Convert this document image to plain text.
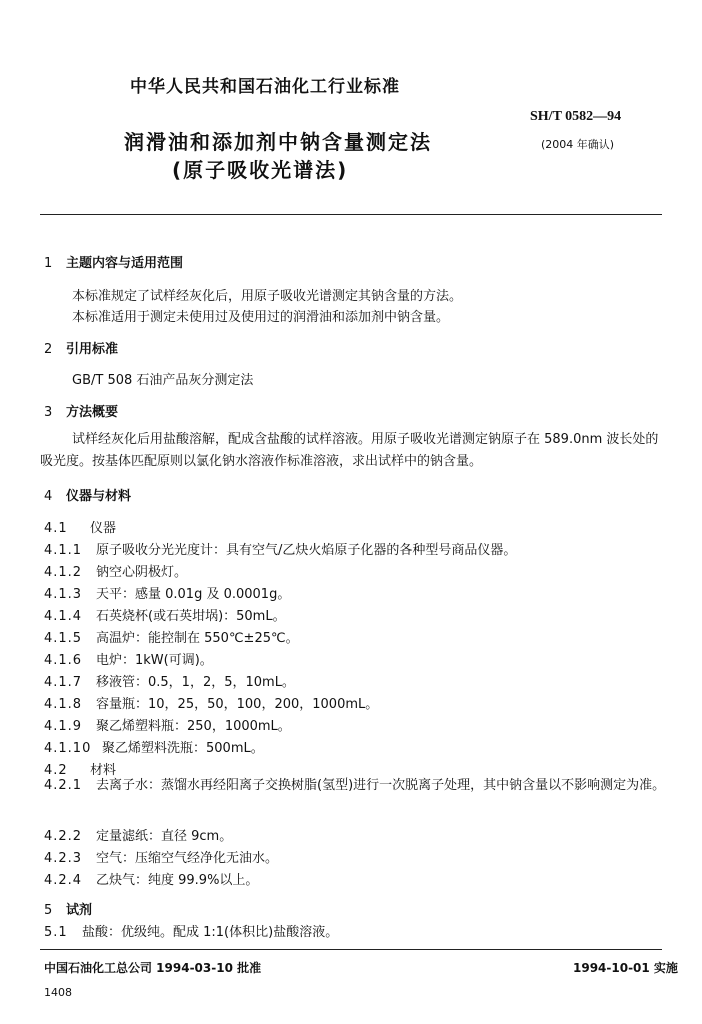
中华人民共和国石油化工行业标准
SH/T 0582—94
润滑油和添加剂中钠含量测定法	(2004 年确认)
(原子吸收光谱法)
1 主题内容与适用范围
本标准规定了试样经灰化后，用原子吸收光谱测定其钠含量的方法。
本标准适用于测定未使用过及使用过的润滑油和添加剂中钠含量。
2 引用标准
GB/T 508 石油产品灰分测定法
3 方法概要
试样经灰化后用盐酸溶解，配成含盐酸的试样溶液。用原子吸收光谱测定钠原子在 589.0nm 波长处的吸光度。按基体匹配原则以氯化钠水溶液作标准溶液，求出试样中的钠含量。
4 仪器与材料
4.1 仪器
4.1.1 原子吸收分光光度计：具有空气/乙炔火焰原子化器的各种型号商品仪器。
4.1.2 钠空心阴极灯。
4.1.3 天平：感量 0.01g 及 0.0001g。
4.1.4 石英烧杯(或石英坩埚)：50mL。
4.1.5 高温炉：能控制在 550℃±25℃。
4.1.6 电炉：1kW(可调)。
4.1.7 移液管：0.5，1，2，5，10mL。
4.1.8 容量瓶：10，25，50，100，200，1000mL。
4.1.9 聚乙烯塑料瓶：250，1000mL。
4.1.10 聚乙烯塑料洗瓶：500mL。
4.2 材料
4.2.1 去离子水：蒸馏水再经阳离子交换树脂(氢型)进行一次脱离子处理，其中钠含量以不影响测定为准。
4.2.2 定量滤纸：直径 9cm。
4.2.3 空气：压缩空气经净化无油水。
4.2.4 乙炔气：纯度 99.9%以上。
5 试剂
5.1 盐酸：优级纯。配成 1:1(体积比)盐酸溶液。
中国石油化工总公司 1994-03-10 批准	1994-10-01 实施
1408
